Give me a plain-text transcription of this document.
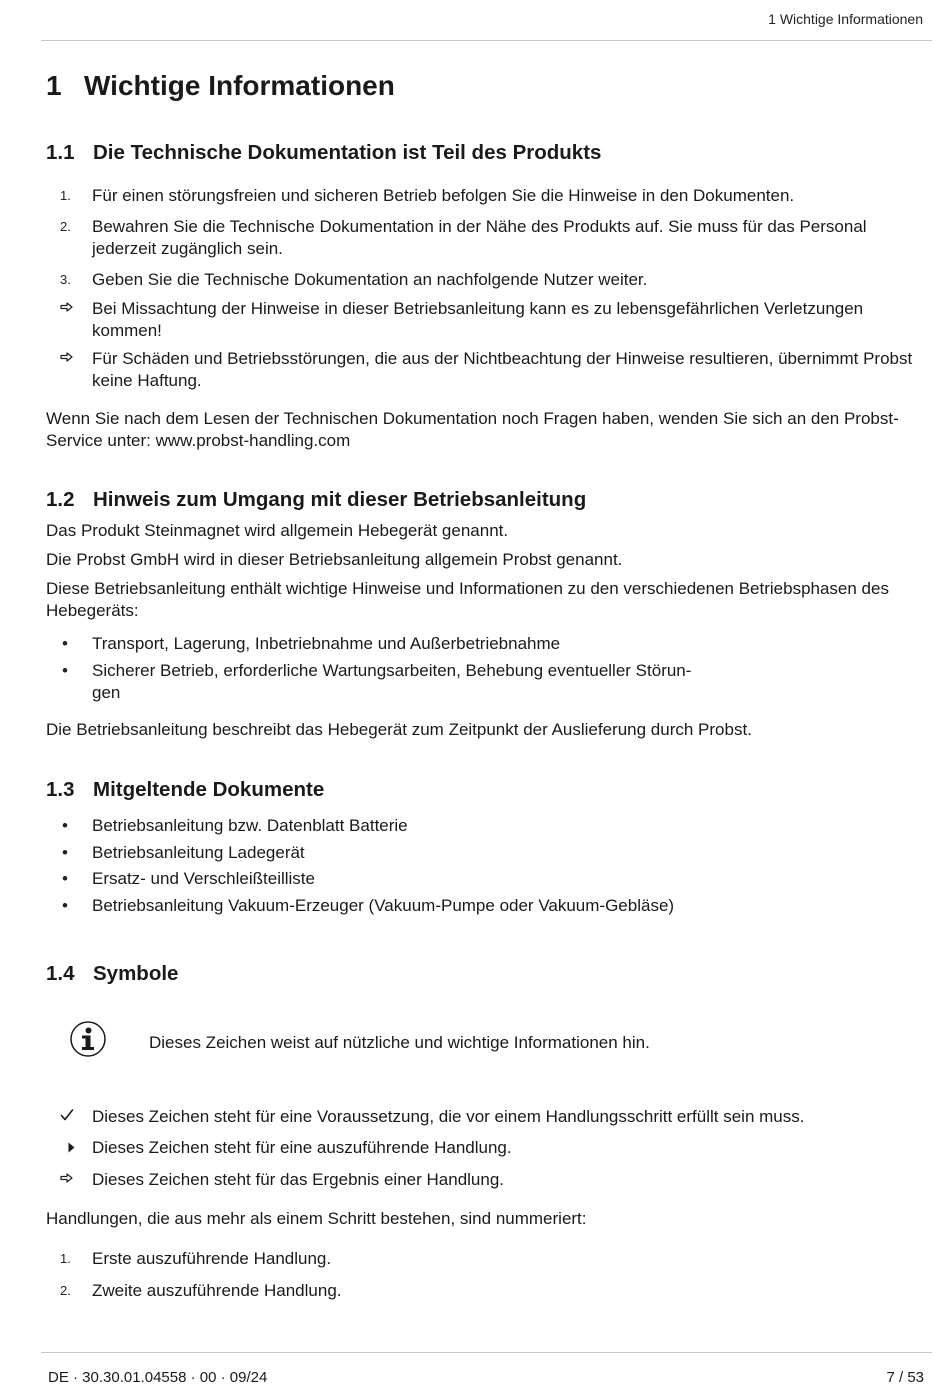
1 Wichtige Informationen
1 Wichtige Informationen
1.1 Die Technische Dokumentation ist Teil des Produkts
1.	Für einen störungsfreien und sicheren Betrieb befolgen Sie die Hinweise in den Dokumenten.
2.	Bewahren Sie die Technische Dokumentation in der Nähe des Produkts auf. Sie muss für das Personal jederzeit zugänglich sein.
3.	Geben Sie die Technische Dokumentation an nachfolgende Nutzer weiter.
Bei Missachtung der Hinweise in dieser Betriebsanleitung kann es zu lebensgefährlichen Verletzungen kommen!
Für Schäden und Betriebsstörungen, die aus der Nichtbeachtung der Hinweise resultieren, übernimmt Probst keine Haftung.
Wenn Sie nach dem Lesen der Technischen Dokumentation noch Fragen haben, wenden Sie sich an den Probst-Service unter: www.probst-handling.com
1.2 Hinweis zum Umgang mit dieser Betriebsanleitung
Das Produkt Steinmagnet wird allgemein Hebegerät genannt.
Die Probst GmbH wird in dieser Betriebsanleitung allgemein Probst genannt.
Diese Betriebsanleitung enthält wichtige Hinweise und Informationen zu den verschiedenen Betriebsphasen des Hebegeräts:
•	Transport, Lagerung, Inbetriebnahme und Außerbetriebnahme
•	Sicherer Betrieb, erforderliche Wartungsarbeiten, Behebung eventueller Störun-
gen
Die Betriebsanleitung beschreibt das Hebegerät zum Zeitpunkt der Auslieferung durch Probst.
1.3 Mitgeltende Dokumente
•	Betriebsanleitung bzw. Datenblatt Batterie
•	Betriebsanleitung Ladegerät
•	Ersatz- und Verschleißteilliste
•	Betriebsanleitung Vakuum-Erzeuger (Vakuum-Pumpe oder Vakuum-Gebläse)
1.4 Symbole
Dieses Zeichen weist auf nützliche und wichtige Informationen hin.
Dieses Zeichen steht für eine Voraussetzung, die vor einem Handlungsschritt erfüllt sein muss.
Dieses Zeichen steht für eine auszuführende Handlung.
Dieses Zeichen steht für das Ergebnis einer Handlung.
Handlungen, die aus mehr als einem Schritt bestehen, sind nummeriert:
1.	Erste auszuführende Handlung.
2.	Zweite auszuführende Handlung.
DE · 30.30.01.04558 · 00 · 09/24	7 / 53
